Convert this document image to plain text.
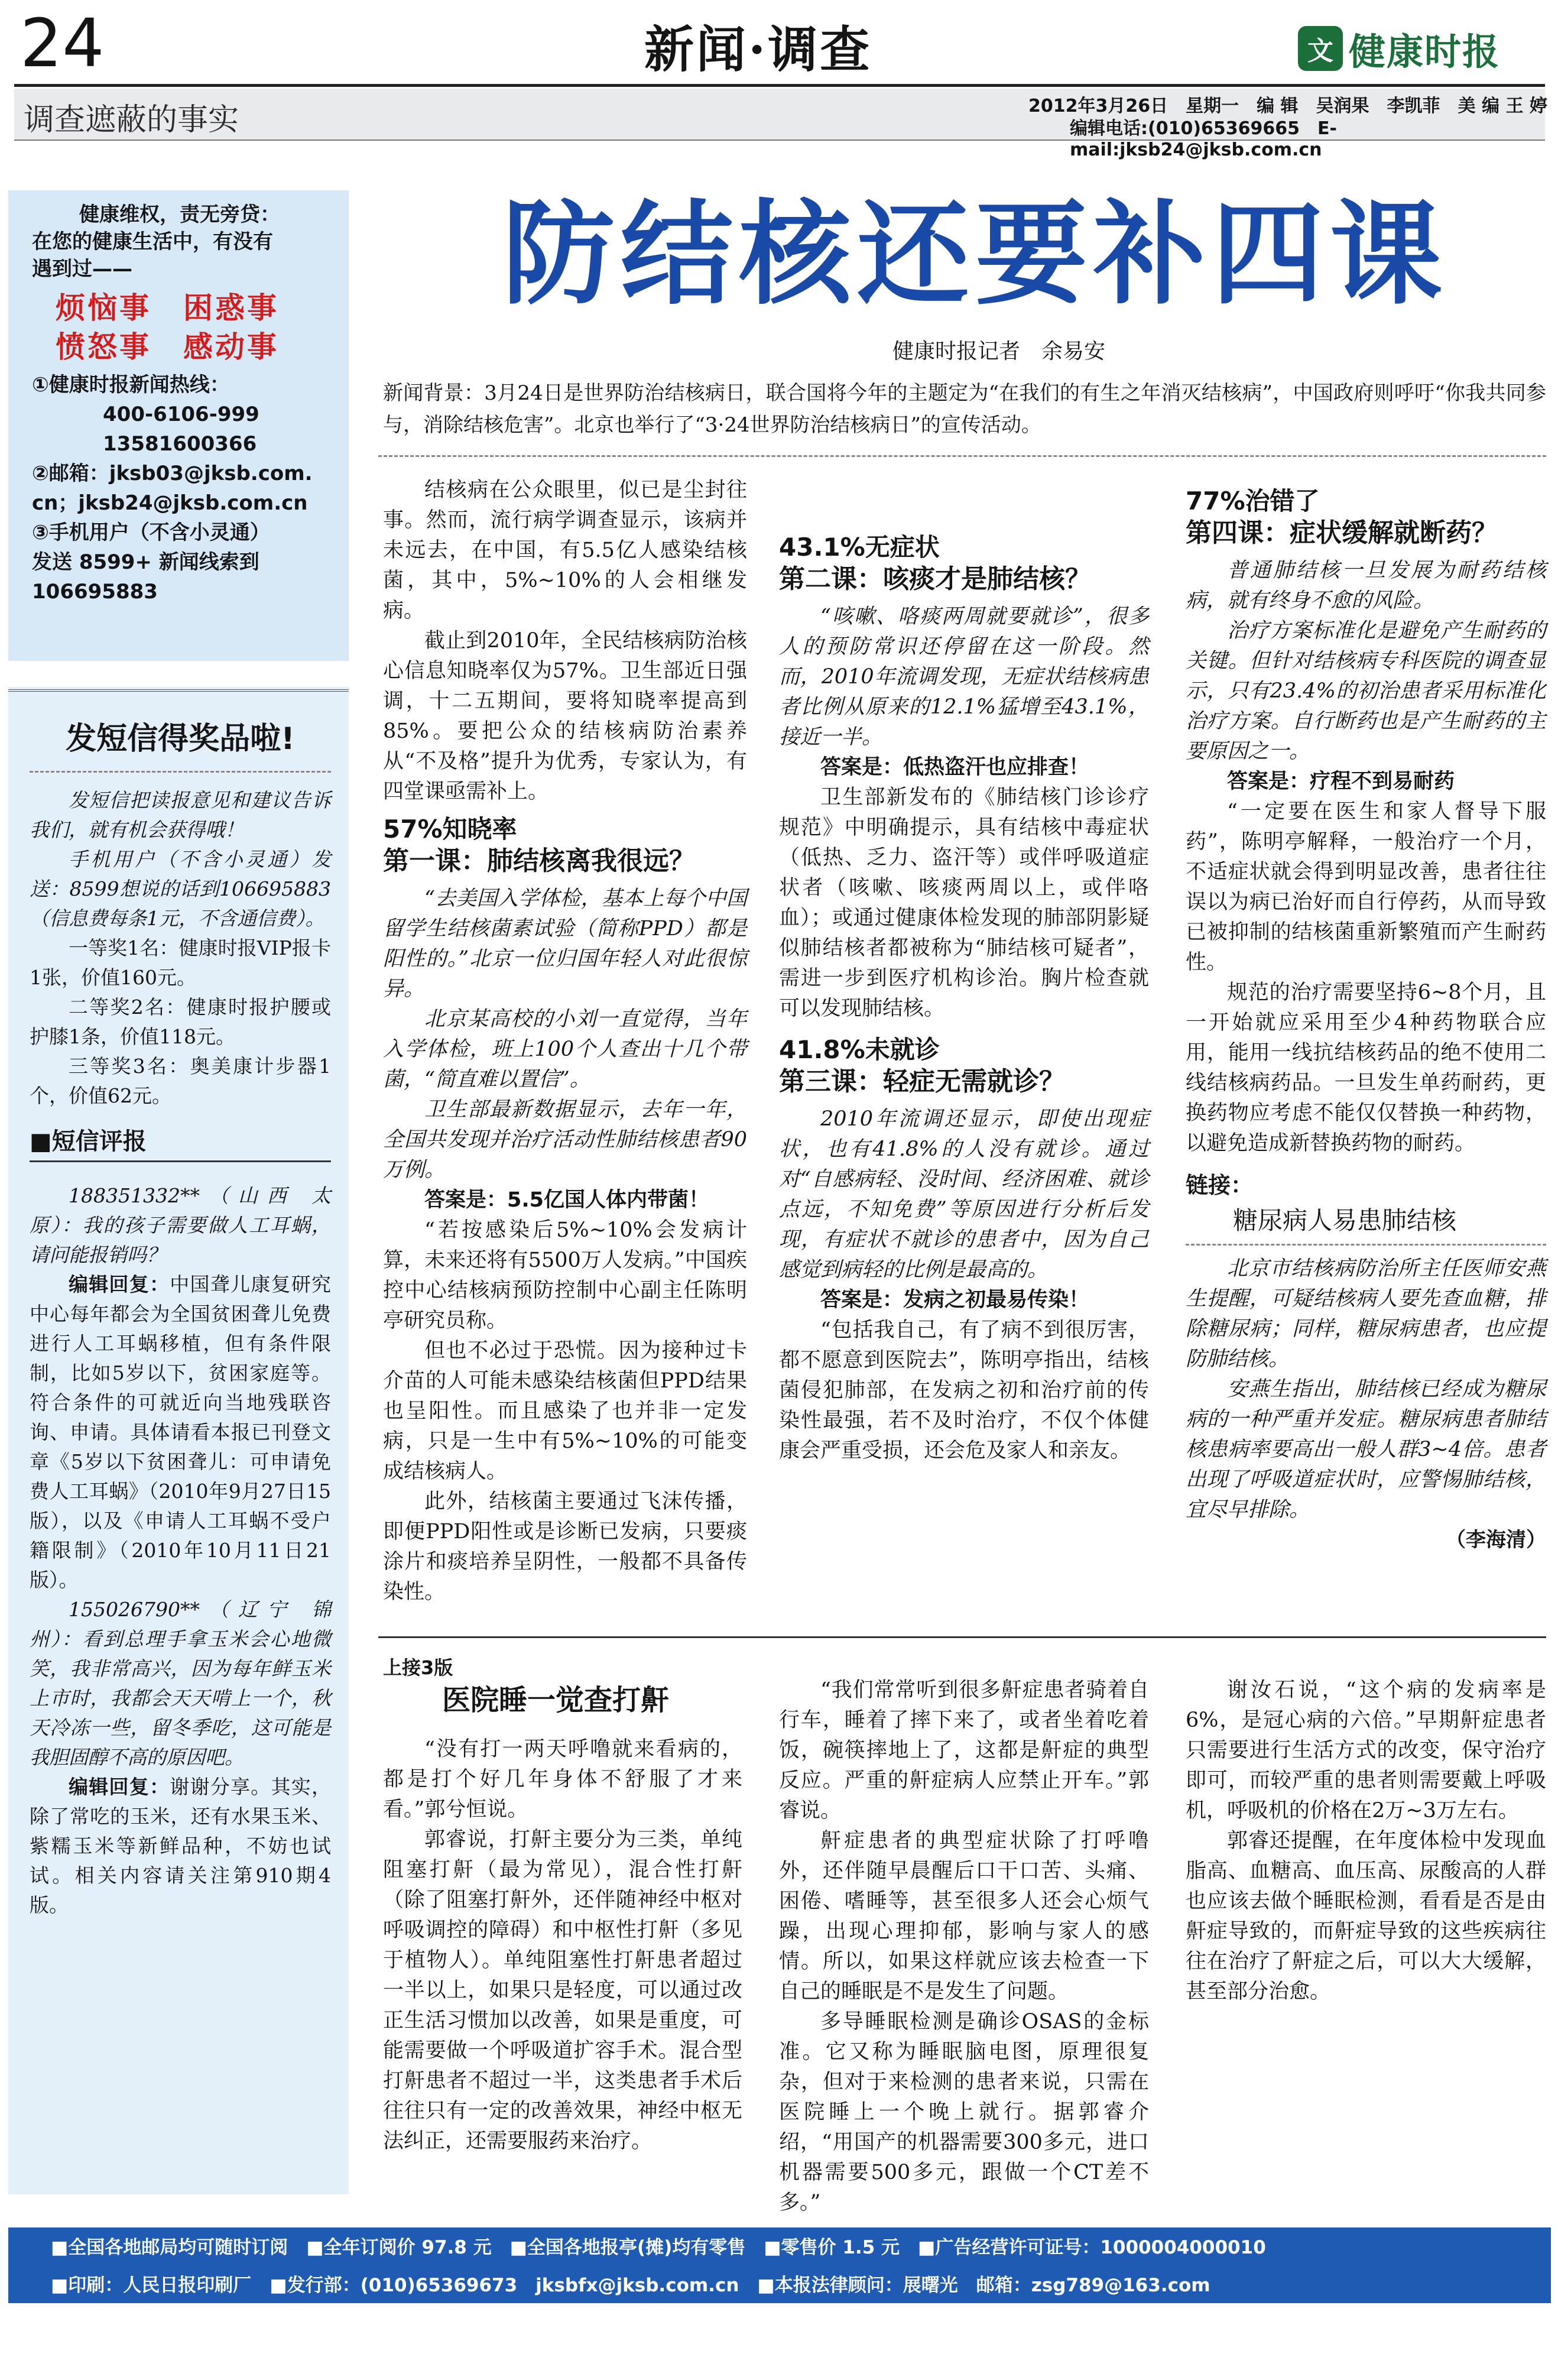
24	新闻·调查	文 健康时报
调查遮蔽的事实	2012年3月26日　星期一　编 辑　吴润果　李凯菲　美 编 王 婷
编辑电话:(010)65369665　E-mail:jksb24@jksb.com.cn
健康维权，责无旁贷：
在您的健康生活中，有没有
遇到过——
烦恼事　困惑事
愤怒事　感动事
①健康时报新闻热线：
400-6106-999
13581600366
②邮箱：jksb03@jksb.com.
cn；jksb24@jksb.com.cn
③手机用户（不含小灵通）
发送 8599+ 新闻线索到
106695883
发短信得奖品啦!

发短信把读报意见和建议告诉我们，就有机会获得哦！

手机用户（不含小灵通）发送：8599想说的话到106695883（信息费每条1元，不含通信费）。

一等奖1名：健康时报VIP报卡1张，价值160元。

二等奖2名：健康时报护腰或护膝1条，价值118元。

三等奖3名：奥美康计步器1个，价值62元。

■短信评报

188351332**（山西 太原）：我的孩子需要做人工耳蜗，请问能报销吗？

编辑回复：中国聋儿康复研究中心每年都会为全国贫困聋儿免费进行人工耳蜗移植，但有条件限制，比如5岁以下，贫困家庭等。符合条件的可就近向当地残联咨询、申请。具体请看本报已刊登文章《5岁以下贫困聋儿：可申请免费人工耳蜗》（2010年9月27日15版），以及《申请人工耳蜗不受户籍限制》（2010年10月11日21版）。

155026790**（辽宁 锦州）：看到总理手拿玉米会心地微笑，我非常高兴，因为每年鲜玉米上市时，我都会天天啃上一个，秋天冷冻一些，留冬季吃，这可能是我胆固醇不高的原因吧。

编辑回复：谢谢分享。其实，除了常吃的玉米，还有水果玉米、紫糯玉米等新鲜品种，不妨也试试。相关内容请关注第910期4版。

防结核还要补四课
健康时报记者　余易安
新闻背景：3月24日是世界防治结核病日，联合国将今年的主题定为“在我们的有生之年消灭结核病”，中国政府则呼吁“你我共同参与，消除结核危害”。北京也举行了“3·24世界防治结核病日”的宣传活动。

结核病在公众眼里，似已是尘封往事。然而，流行病学调查显示，该病并未远去，在中国，有5.5亿人感染结核菌，其中，5%~10%的人会相继发病。

截止到2010年，全民结核病防治核心信息知晓率仅为57%。卫生部近日强调，十二五期间，要将知晓率提高到85%。要把公众的结核病防治素养从“不及格”提升为优秀，专家认为，有四堂课亟需补上。

57%知晓率
第一课：肺结核离我很远？

“去美国入学体检，基本上每个中国留学生结核菌素试验（简称PPD）都是阳性的。”北京一位归国年轻人对此很惊异。

北京某高校的小刘一直觉得，当年入学体检，班上100个人查出十几个带菌，“简直难以置信”。

卫生部最新数据显示，去年一年，全国共发现并治疗活动性肺结核患者90万例。

答案是：5.5亿国人体内带菌！

“若按感染后5%~10%会发病计算，未来还将有5500万人发病。”中国疾控中心结核病预防控制中心副主任陈明亭研究员称。

但也不必过于恐慌。因为接种过卡介苗的人可能未感染结核菌但PPD结果也呈阳性。而且感染了也并非一定发病，只是一生中有5%~10%的可能变成结核病人。

此外，结核菌主要通过飞沫传播，即便PPD阳性或是诊断已发病，只要痰涂片和痰培养呈阴性，一般都不具备传染性。

43.1%无症状
第二课：咳痰才是肺结核？

“咳嗽、咯痰两周就要就诊”，很多人的预防常识还停留在这一阶段。然而，2010年流调发现，无症状结核病患者比例从原来的12.1%猛增至43.1%，接近一半。

答案是：低热盗汗也应排查！

卫生部新发布的《肺结核门诊诊疗规范》中明确提示，具有结核中毒症状（低热、乏力、盗汗等）或伴呼吸道症状者（咳嗽、咳痰两周以上，或伴咯血）；或通过健康体检发现的肺部阴影疑似肺结核者都被称为“肺结核可疑者”，需进一步到医疗机构诊治。胸片检查就可以发现肺结核。

41.8%未就诊
第三课：轻症无需就诊？

2010年流调还显示，即使出现症状，也有41.8%的人没有就诊。通过对“自感病轻、没时间、经济困难、就诊点远，不知免费”等原因进行分析后发现，有症状不就诊的患者中，因为自己感觉到病轻的比例是最高的。

答案是：发病之初最易传染！

“包括我自己，有了病不到很厉害，都不愿意到医院去”，陈明亭指出，结核菌侵犯肺部，在发病之初和治疗前的传染性最强，若不及时治疗，不仅个体健康会严重受损，还会危及家人和亲友。

77%治错了
第四课：症状缓解就断药？

普通肺结核一旦发展为耐药结核病，就有终身不愈的风险。

治疗方案标准化是避免产生耐药的关键。但针对结核病专科医院的调查显示，只有23.4%的初治患者采用标准化治疗方案。自行断药也是产生耐药的主要原因之一。

答案是：疗程不到易耐药

“一定要在医生和家人督导下服药”，陈明亭解释，一般治疗一个月，不适症状就会得到明显改善，患者往往误以为病已治好而自行停药，从而导致已被抑制的结核菌重新繁殖而产生耐药性。

规范的治疗需要坚持6~8个月，且一开始就应采用至少4种药物联合应用，能用一线抗结核药品的绝不使用二线结核病药品。一旦发生单药耐药，更换药物应考虑不能仅仅替换一种药物，以避免造成新替换药物的耐药。

链接：
糖尿病人易患肺结核

北京市结核病防治所主任医师安燕生提醒，可疑结核病人要先查血糖，排除糖尿病；同样，糖尿病患者，也应提防肺结核。

安燕生指出，肺结核已经成为糖尿病的一种严重并发症。糖尿病患者肺结核患病率要高出一般人群3~4倍。患者出现了呼吸道症状时，应警惕肺结核，宜尽早排除。

（李海清）
上接3版
医院睡一觉查打鼾

“没有打一两天呼噜就来看病的，都是打个好几年身体不舒服了才来看。”郭兮恒说。

郭睿说，打鼾主要分为三类，单纯阻塞打鼾（最为常见），混合性打鼾（除了阻塞打鼾外，还伴随神经中枢对呼吸调控的障碍）和中枢性打鼾（多见于植物人）。单纯阻塞性打鼾患者超过一半以上，如果只是轻度，可以通过改正生活习惯加以改善，如果是重度，可能需要做一个呼吸道扩容手术。混合型打鼾患者不超过一半，这类患者手术后往往只有一定的改善效果，神经中枢无法纠正，还需要服药来治疗。

“我们常常听到很多鼾症患者骑着自行车，睡着了摔下来了，或者坐着吃着饭，碗筷摔地上了，这都是鼾症的典型反应。严重的鼾症病人应禁止开车。”郭睿说。

鼾症患者的典型症状除了打呼噜外，还伴随早晨醒后口干口苦、头痛、困倦、嗜睡等，甚至很多人还会心烦气躁，出现心理抑郁，影响与家人的感情。所以，如果这样就应该去检查一下自己的睡眠是不是发生了问题。

多导睡眠检测是确诊OSAS的金标准。它又称为睡眠脑电图，原理很复杂，但对于来检测的患者来说，只需在医院睡上一个晚上就行。据郭睿介绍，“用国产的机器需要300多元，进口机器需要500多元，跟做一个CT差不多。”

谢汝石说，“这个病的发病率是6%，是冠心病的六倍。”早期鼾症患者只需要进行生活方式的改变，保守治疗即可，而较严重的患者则需要戴上呼吸机，呼吸机的价格在2万~3万左右。

郭睿还提醒，在年度体检中发现血脂高、血糖高、血压高、尿酸高的人群也应该去做个睡眠检测，看看是否是由鼾症导致的，而鼾症导致的这些疾病往往在治疗了鼾症之后，可以大大缓解，甚至部分治愈。

■全国各地邮局均可随时订阅　■全年订阅价 97.8 元　■全国各地报亭(摊)均有零售　■零售价 1.5 元　■广告经营许可证号：1000004000010
■印刷：人民日报印刷厂　■发行部：(010)65369673　jksbfx@jksb.com.cn　■本报法律顾问：展曙光　邮箱：zsg789@163.com
